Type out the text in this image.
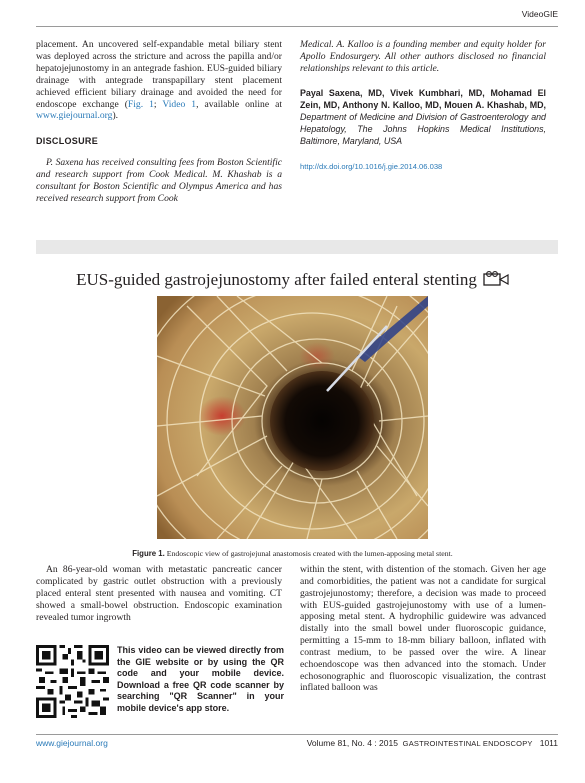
VideoGIE

placement. An uncovered self-expandable metal biliary stent was deployed across the stricture and across the papilla and/or hepatojejunostomy in an antegrade fashion. EUS-guided biliary drainage with antegrade transpapillary stent placement achieved efficient biliary drainage and avoided the need for endoscope exchange (Fig. 1; Video 1, available online at www.giejournal.org).

DISCLOSURE

P. Saxena has received consulting fees from Boston Scientific and research support from Cook Medical. M. Khashab is a consultant for Boston Scientific and Olympus America and has received research support from Cook

Medical. A. Kalloo is a founding member and equity holder for Apollo Endosurgery. All other authors disclosed no financial relationships relevant to this article.

Payal Saxena, MD, Vivek Kumbhari, MD, Mohamad El Zein, MD, Anthony N. Kalloo, MD, Mouen A. Khashab, MD, Department of Medicine and Division of Gastroenterology and Hepatology, The Johns Hopkins Medical Institutions, Baltimore, Maryland, USA

http://dx.doi.org/10.1016/j.gie.2014.06.038

EUS-guided gastrojejunostomy after failed enteral stenting
Figure 1. Endoscopic view of gastrojejunal anastomosis created with the lumen-apposing metal stent.

An 86-year-old woman with metastatic pancreatic cancer complicated by gastric outlet obstruction with a previously placed enteral stent presented with nausea and vomiting. CT showed a small-bowel obstruction. Endoscopic examination revealed tumor ingrowth

within the stent, with distention of the stomach. Given her age and comorbidities, the patient was not a candidate for surgical gastrojejunostomy; therefore, a decision was made to proceed with EUS-guided gastrojejunostomy with use of a lumen-apposing metal stent. A hydrophilic guidewire was advanced distally into the small bowel under fluoroscopic guidance, permitting a 15-mm to 18-mm biliary balloon, inflated with contrast medium, to be passed over the wire. A linear echoendoscope was then advanced into the stomach. Under echosonographic and fluoroscopic visualization, the contrast inflated balloon was

This video can be viewed directly from the GIE website or by using the QR code and your mobile device. Download a free QR code scanner by searching "QR Scanner" in your mobile device's app store.
www.giejournal.org	Volume 81, No. 4 : 2015 GASTROINTESTINAL ENDOSCOPY 1011
